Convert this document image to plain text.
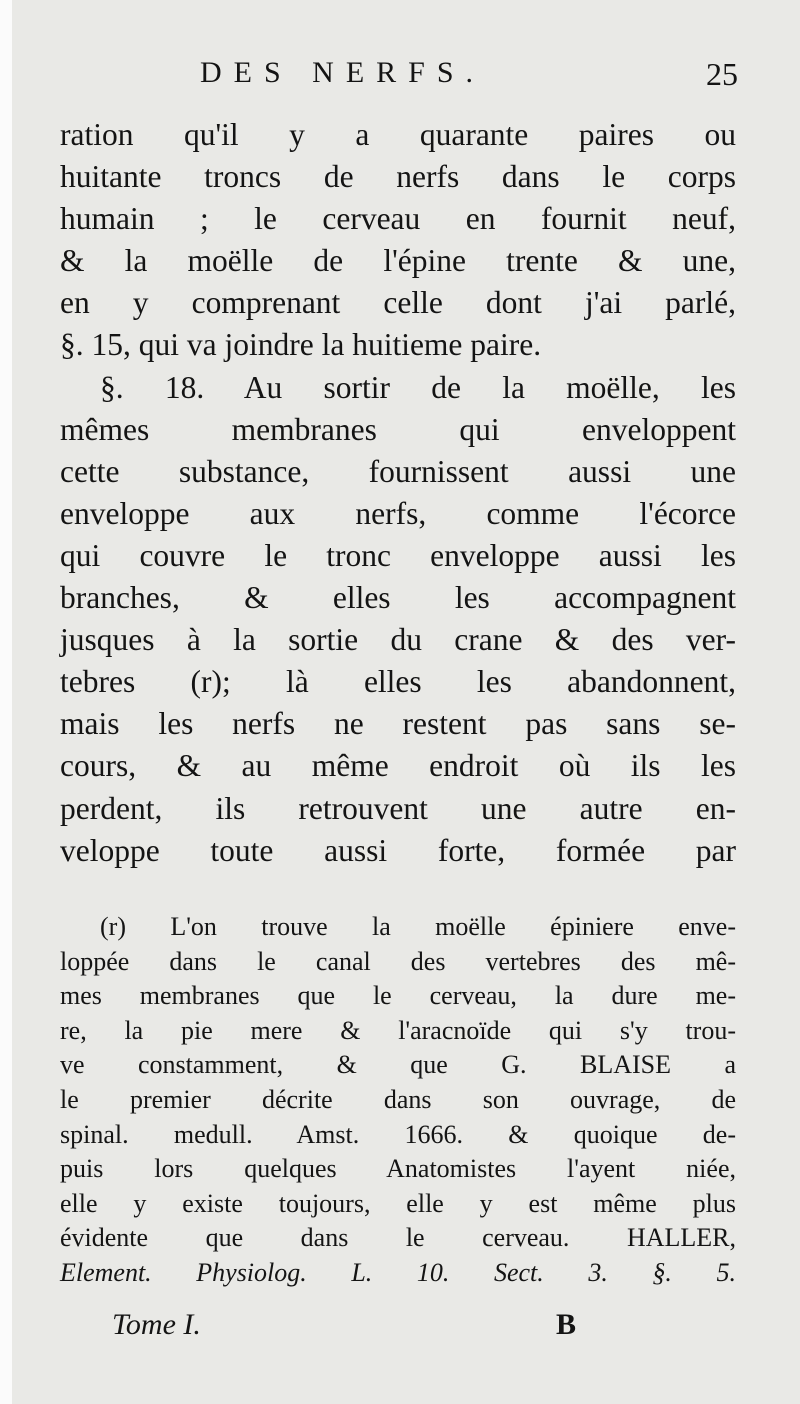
DES NERFS.	25
ration qu'il y a quarante paires ou
huitante troncs de nerfs dans le corps
humain ; le cerveau en fournit neuf,
& la moëlle de l'épine trente & une,
en y comprenant celle dont j'ai parlé,
§. 15, qui va joindre la huitieme paire.
§. 18. Au sortir de la moëlle, les
mêmes membranes qui enveloppent
cette substance, fournissent aussi une
enveloppe aux nerfs, comme l'écorce
qui couvre le tronc enveloppe aussi les
branches, & elles les accompagnent
jusques à la sortie du crane & des ver-
tebres (r); là elles les abandonnent,
mais les nerfs ne restent pas sans se-
cours, & au même endroit où ils les
perdent, ils retrouvent une autre en-
veloppe toute aussi forte, formée par
(r) L'on trouve la moëlle épiniere enve-
loppée dans le canal des vertebres des mê-
mes membranes que le cerveau, la dure me-
re, la pie mere & l'aracnoïde qui s'y trou-
ve constamment, & que G. BLAISE a
le premier décrite dans son ouvrage, de
spinal. medull. Amst. 1666. & quoique de-
puis lors quelques Anatomistes l'ayent niée,
elle y existe toujours, elle y est même plus
évidente que dans le cerveau. HALLER,
Element. Physiolog. L. 10. Sect. 3. §. 5.
Tome I.	B
